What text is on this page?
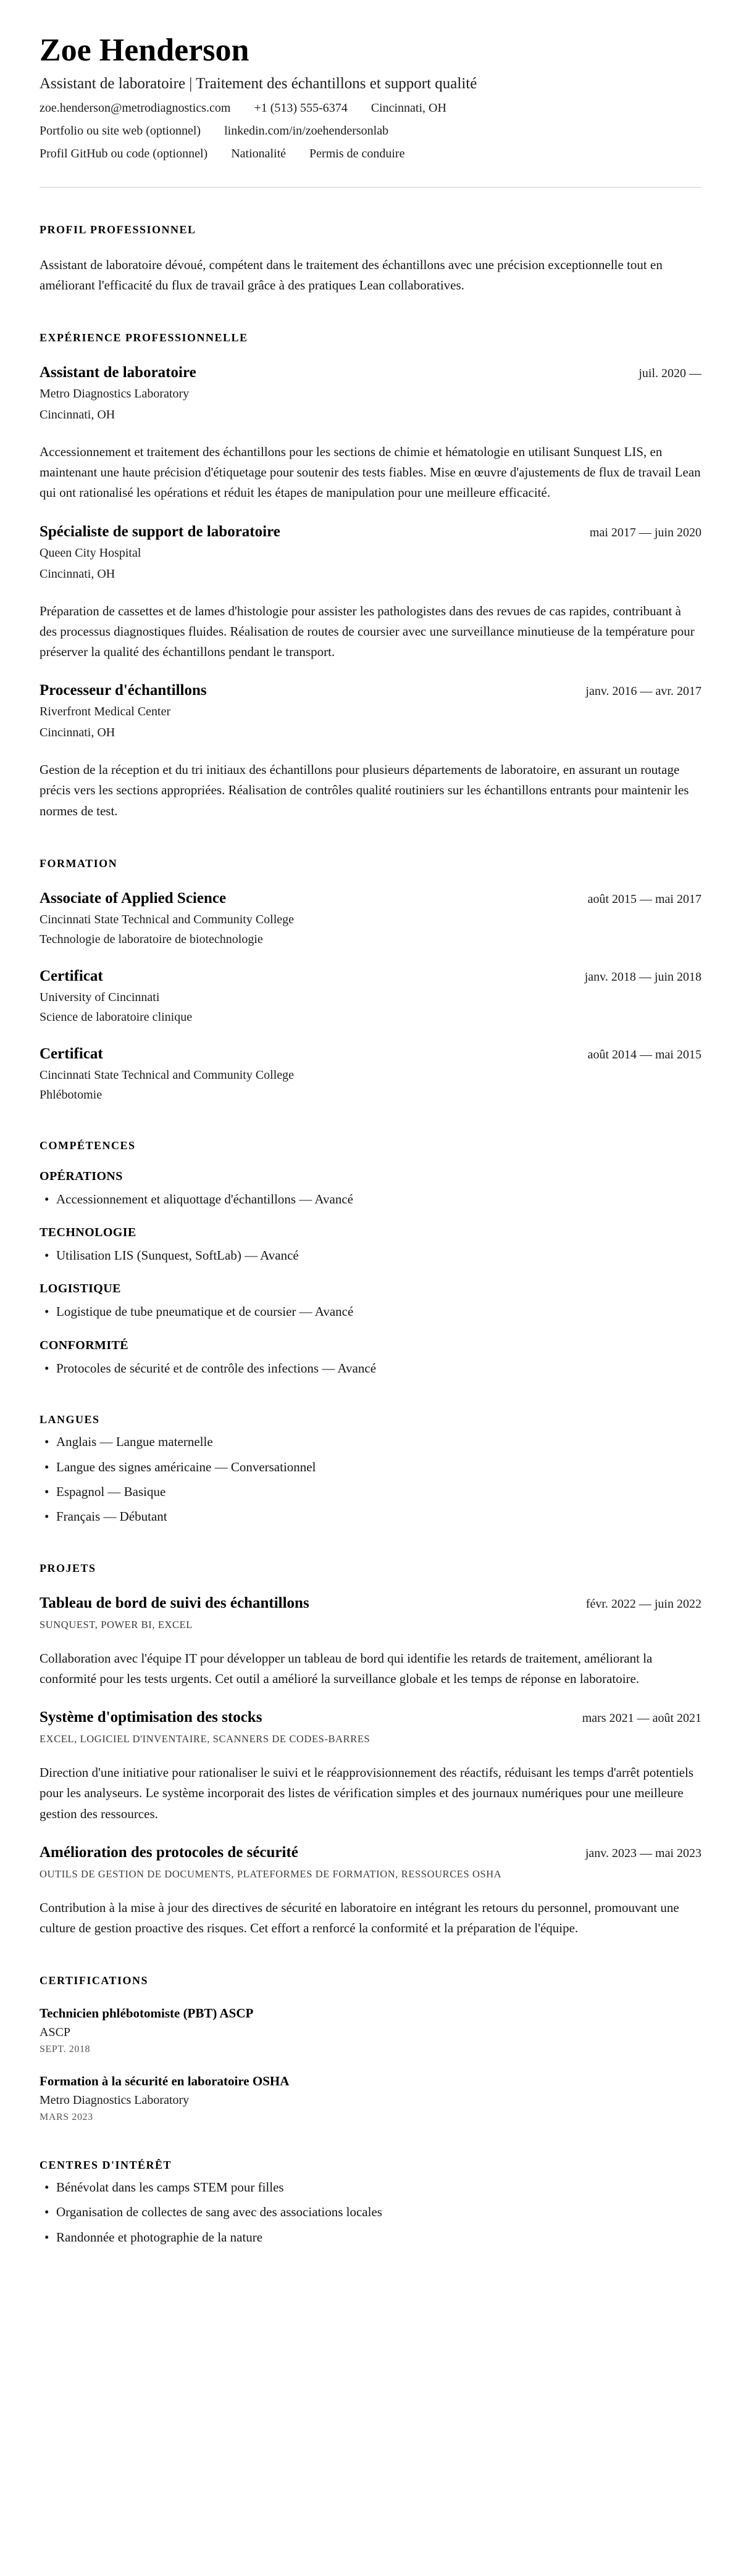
Zoe Henderson
Assistant de laboratoire | Traitement des échantillons et support qualité
zoe.henderson@metrodiagnostics.com +1 (513) 555-6374 Cincinnati, OH
Portfolio ou site web (optionnel) linkedin.com/in/zoehendersonlab
Profil GitHub ou code (optionnel) Nationalité Permis de conduire
PROFIL PROFESSIONNEL

Assistant de laboratoire dévoué, compétent dans le traitement des échantillons avec une précision exceptionnelle tout en améliorant l'efficacité du flux de travail grâce à des pratiques Lean collaboratives.

EXPÉRIENCE PROFESSIONNELLE
Assistant de laboratoire	juil. 2020 —
Metro Diagnostics Laboratory
Cincinnati, OH

Accessionnement et traitement des échantillons pour les sections de chimie et hématologie en utilisant Sunquest LIS, en maintenant une haute précision d'étiquetage pour soutenir des tests fiables. Mise en œuvre d'ajustements de flux de travail Lean qui ont rationalisé les opérations et réduit les étapes de manipulation pour une meilleure efficacité.

Spécialiste de support de laboratoire	mai 2017 — juin 2020
Queen City Hospital
Cincinnati, OH

Préparation de cassettes et de lames d'histologie pour assister les pathologistes dans des revues de cas rapides, contribuant à des processus diagnostiques fluides. Réalisation de routes de coursier avec une surveillance minutieuse de la température pour préserver la qualité des échantillons pendant le transport.

Processeur d'échantillons	janv. 2016 — avr. 2017
Riverfront Medical Center
Cincinnati, OH

Gestion de la réception et du tri initiaux des échantillons pour plusieurs départements de laboratoire, en assurant un routage précis vers les sections appropriées. Réalisation de contrôles qualité routiniers sur les échantillons entrants pour maintenir les normes de test.

FORMATION
Associate of Applied Science	août 2015 — mai 2017
Cincinnati State Technical and Community College
Technologie de laboratoire de biotechnologie
Certificat	janv. 2018 — juin 2018
University of Cincinnati
Science de laboratoire clinique
Certificat	août 2014 — mai 2015
Cincinnati State Technical and Community College
Phlébotomie
COMPÉTENCES
OPÉRATIONS
• Accessionnement et aliquottage d'échantillons — Avancé
TECHNOLOGIE
• Utilisation LIS (Sunquest, SoftLab) — Avancé
LOGISTIQUE
• Logistique de tube pneumatique et de coursier — Avancé
CONFORMITÉ
• Protocoles de sécurité et de contrôle des infections — Avancé
LANGUES
• Anglais — Langue maternelle
• Langue des signes américaine — Conversationnel
• Espagnol — Basique
• Français — Débutant
PROJETS
Tableau de bord de suivi des échantillons	févr. 2022 — juin 2022
SUNQUEST, POWER BI, EXCEL

Collaboration avec l'équipe IT pour développer un tableau de bord qui identifie les retards de traitement, améliorant la conformité pour les tests urgents. Cet outil a amélioré la surveillance globale et les temps de réponse en laboratoire.

Système d'optimisation des stocks	mars 2021 — août 2021
EXCEL, LOGICIEL D'INVENTAIRE, SCANNERS DE CODES-BARRES

Direction d'une initiative pour rationaliser le suivi et le réapprovisionnement des réactifs, réduisant les temps d'arrêt potentiels pour les analyseurs. Le système incorporait des listes de vérification simples et des journaux numériques pour une meilleure gestion des ressources.

Amélioration des protocoles de sécurité	janv. 2023 — mai 2023
OUTILS DE GESTION DE DOCUMENTS, PLATEFORMES DE FORMATION, RESSOURCES OSHA

Contribution à la mise à jour des directives de sécurité en laboratoire en intégrant les retours du personnel, promouvant une culture de gestion proactive des risques. Cet effort a renforcé la conformité et la préparation de l'équipe.

CERTIFICATIONS
Technicien phlébotomiste (PBT) ASCP
ASCP
SEPT. 2018
Formation à la sécurité en laboratoire OSHA
Metro Diagnostics Laboratory
MARS 2023
CENTRES D'INTÉRÊT
• Bénévolat dans les camps STEM pour filles
• Organisation de collectes de sang avec des associations locales
• Randonnée et photographie de la nature
